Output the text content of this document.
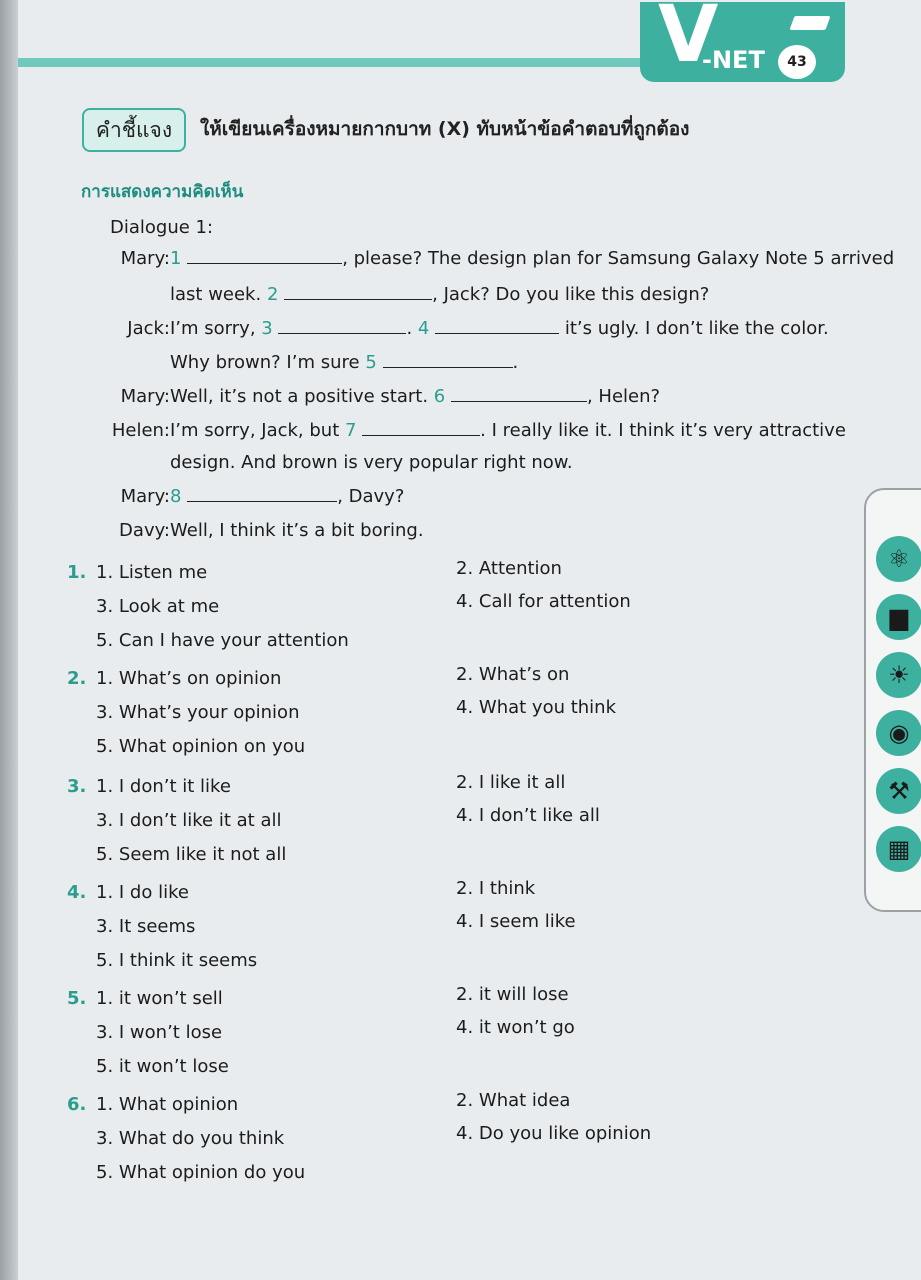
V
-NET	43
คำชี้แจง	ให้เขียนเครื่องหมายกากบาท (X) ทับหน้าข้อคำตอบที่ถูกต้อง
การแสดงความคิดเห็น
Dialogue 1:
Mary:1	, please? The design plan for Samsung Galaxy Note 5 arrived
last week. 2	, Jack? Do you like this design?
Jack:I’m sorry, 3	. 4	it’s ugly. I don’t like the color.
Why brown? I’m sure 5	.
Mary:Well, it’s not a positive start. 6	, Helen?
Helen:I’m sorry, Jack, but 7	. I really like it. I think it’s very attractive
design. And brown is very popular right now.
Mary:8	, Davy?
Davy:Well, I think it’s a bit boring.
1. 1. Listen me	2. Attention
3. Look at me	4. Call for attention
5. Can I have your attention
2. 1. What’s on opinion	2. What’s on
3. What’s your opinion	4. What you think
5. What opinion on you
3. 1. I don’t it like	2. I like it all
3. I don’t like it at all	4. I don’t like all
5. Seem like it not all
4. 1. I do like	2. I think
3. It seems	4. I seem like
5. I think it seems
5. 1. it won’t sell	2. it will lose
3. I won’t lose	4. it won’t go
5. it won’t lose
6. 1. What opinion	2. What idea
3. What do you think	4. Do you like opinion
5. What opinion do you
⚛
▆
☀
◉
⚒
▦
